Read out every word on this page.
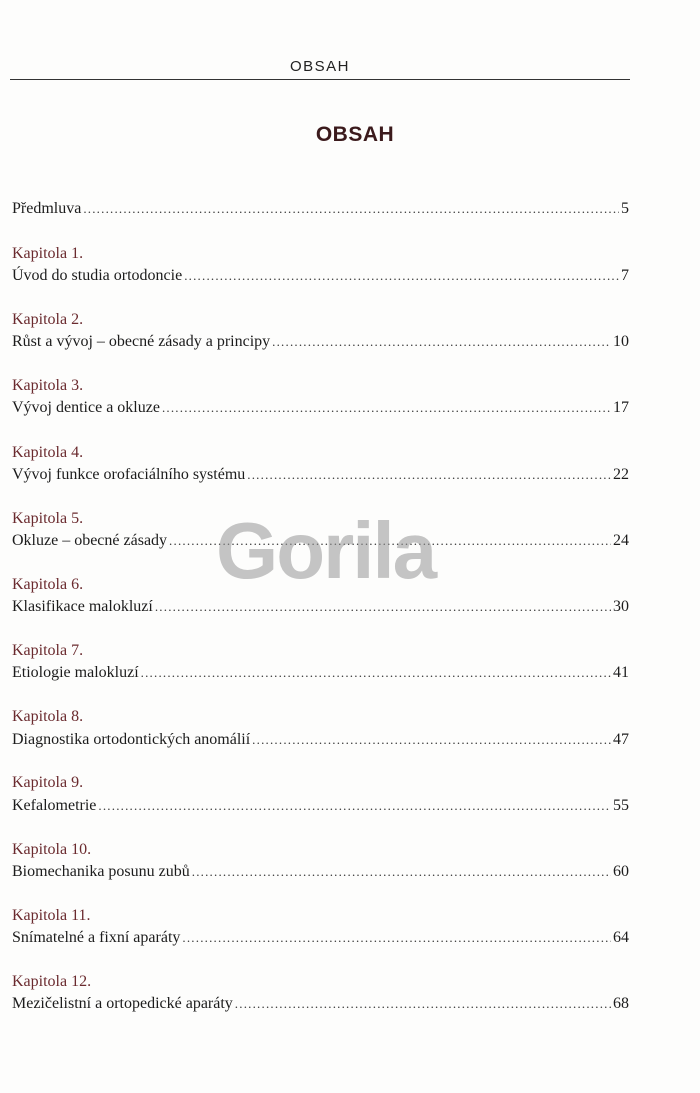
OBSAH
OBSAH
Předmluva .....	5
Kapitola 1.
Úvod do studia ortodoncie .....	7
Kapitola 2.
Růst a vývoj – obecné zásady a principy .....	10
Kapitola 3.
Vývoj dentice a okluze .....	17
Kapitola 4.
Vývoj funkce orofaciálního systému .....	22
Kapitola 5.
Okluze – obecné zásady .....	24
Kapitola 6.
Klasifikace malokluzí .....	30
Kapitola 7.
Etiologie malokluzí .....	41
Kapitola 8.
Diagnostika ortodontických anomálií .....	47
Kapitola 9.
Kefalometrie .....	55
Kapitola 10.
Biomechanika posunu zubů .....	60
Kapitola 11.
Snímatelné a fixní aparáty .....	64
Kapitola 12.
Mezičelistní a ortopedické aparáty .....	68
Gorila
